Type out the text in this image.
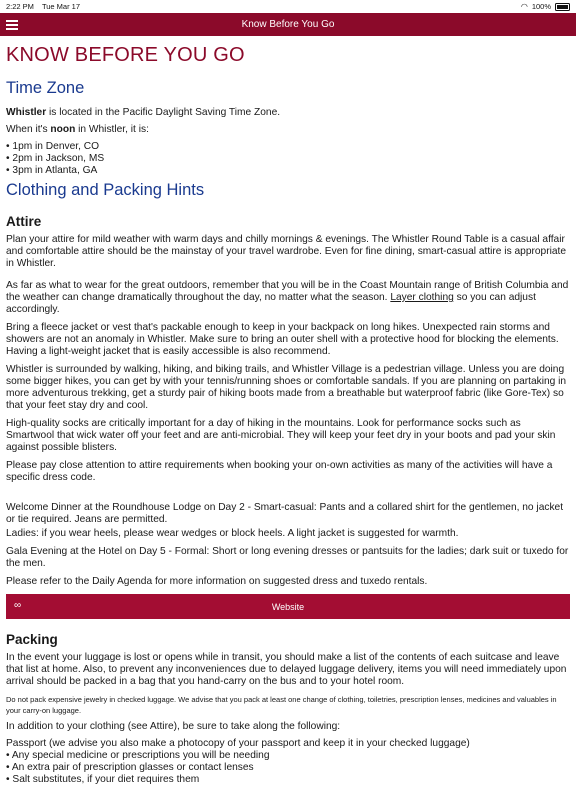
2:22 PM Tue Mar 17	◠ 100%
Know Before You Go
KNOW BEFORE YOU GO
Time Zone

Whistler is located in the Pacific Daylight Saving Time Zone.

When it's noon in Whistler, it is:

• 1pm in Denver, CO

• 2pm in Jackson, MS

• 3pm in Atlanta, GA

Clothing and Packing Hints
Attire

Plan your attire for mild weather with warm days and chilly mornings & evenings. The Whistler Round Table is a casual affair and comfortable attire should be the mainstay of your travel wardrobe. Even for fine dining, smart-casual attire is appropriate in Whistler.

As far as what to wear for the great outdoors, remember that you will be in the Coast Mountain range of British Columbia and the weather can change dramatically throughout the day, no matter what the season. Layer clothing so you can adjust accordingly.

Bring a fleece jacket or vest that's packable enough to keep in your backpack on long hikes. Unexpected rain storms and showers are not an anomaly in Whistler. Make sure to bring an outer shell with a protective hood for blocking the elements. Having a light-weight jacket that is easily accessible is also recommend.

Whistler is surrounded by walking, hiking, and biking trails, and Whistler Village is a pedestrian village. Unless you are doing some bigger hikes, you can get by with your tennis/running shoes or comfortable sandals. If you are planning on partaking in more adventurous trekking, get a sturdy pair of hiking boots made from a breathable but waterproof fabric (like Gore-Tex) so that your feet stay dry and cool.

High-quality socks are critically important for a day of hiking in the mountains. Look for performance socks such as Smartwool that wick water off your feet and are anti-microbial. They will keep your feet dry in your boots and pad your skin against possible blisters.

Please pay close attention to attire requirements when booking your on-own activities as many of the activities will have a specific dress code.

Welcome Dinner at the Roundhouse Lodge on Day 2 - Smart-casual: Pants and a collared shirt for the gentlemen, no jacket or tie required. Jeans are permitted.

Ladies: if you wear heels, please wear wedges or block heels. A light jacket is suggested for warmth.

Gala Evening at the Hotel on Day 5 - Formal: Short or long evening dresses or pantsuits for the ladies; dark suit or tuxedo for the men.

Please refer to the Daily Agenda for more information on suggested dress and tuxedo rentals.

∞	Website
Packing

In the event your luggage is lost or opens while in transit, you should make a list of the contents of each suitcase and leave that list at home. Also, to prevent any inconveniences due to delayed luggage delivery, items you will need immediately upon arrival should be packed in a bag that you hand-carry on the bus and to your hotel room.

Do not pack expensive jewelry in checked luggage. We advise that you pack at least one change of clothing, toiletries, prescription lenses, medicines and valuables in your carry-on luggage.

In addition to your clothing (see Attire), be sure to take along the following:

Passport (we advise you also make a photocopy of your passport and keep it in your checked luggage)

• Any special medicine or prescriptions you will be needing

• An extra pair of prescription glasses or contact lenses

• Salt substitutes, if your diet requires them
